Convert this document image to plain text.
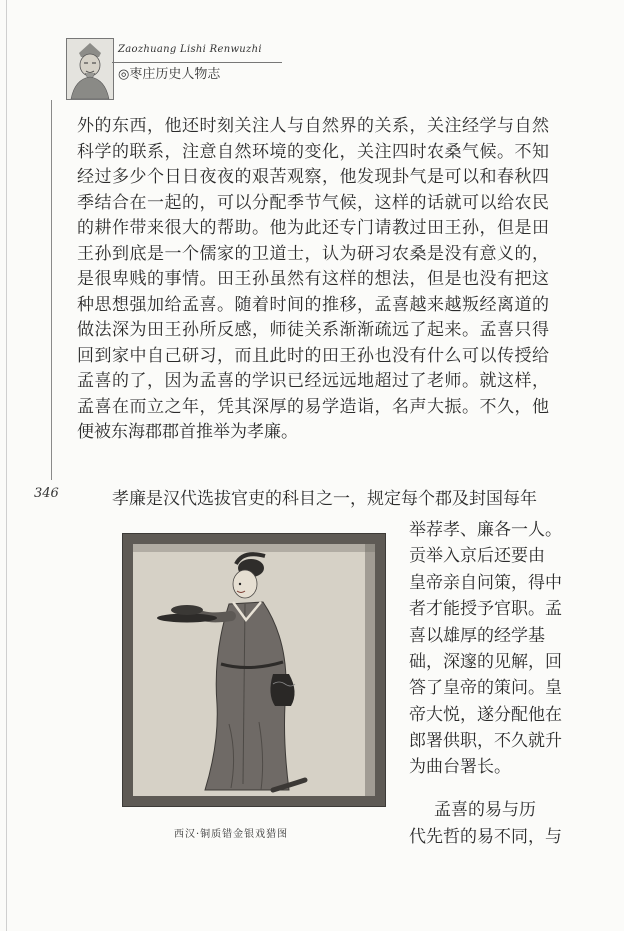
Zaozhuang Lishi Renwuzhi
◎枣庄历史人物志

外的东西，他还时刻关注人与自然界的关系，关注经学与自然科学的联系，注意自然环境的变化，关注四时农桑气候。不知经过多少个日日夜夜的艰苦观察，他发现卦气是可以和春秋四季结合在一起的，可以分配季节气候，这样的话就可以给农民的耕作带来很大的帮助。他为此还专门请教过田王孙，但是田王孙到底是一个儒家的卫道士，认为研习农桑是没有意义的，是很卑贱的事情。田王孙虽然有这样的想法，但是也没有把这种思想强加给孟喜。随着时间的推移，孟喜越来越叛经离道的做法深为田王孙所反感，师徒关系渐渐疏远了起来。孟喜只得回到家中自己研习，而且此时的田王孙也没有什么可以传授给孟喜的了，因为孟喜的学识已经远远地超过了老师。就这样，孟喜在而立之年，凭其深厚的易学造诣，名声大振。不久，他便被东海郡郡首推举为孝廉。

346	孝廉是汉代选拔官吏的科目之一，规定每个郡及封国每年
西汉·铜质错金银戏猎图
举荐孝、廉各一人。
贡举入京后还要由
皇帝亲自问策，得中
者才能授予官职。孟
喜以雄厚的经学基
础，深邃的见解，回
答了皇帝的策问。皇
帝大悦，遂分配他在
郎署供职，不久就升
为曲台署长。
孟喜的易与历
代先哲的易不同，与
